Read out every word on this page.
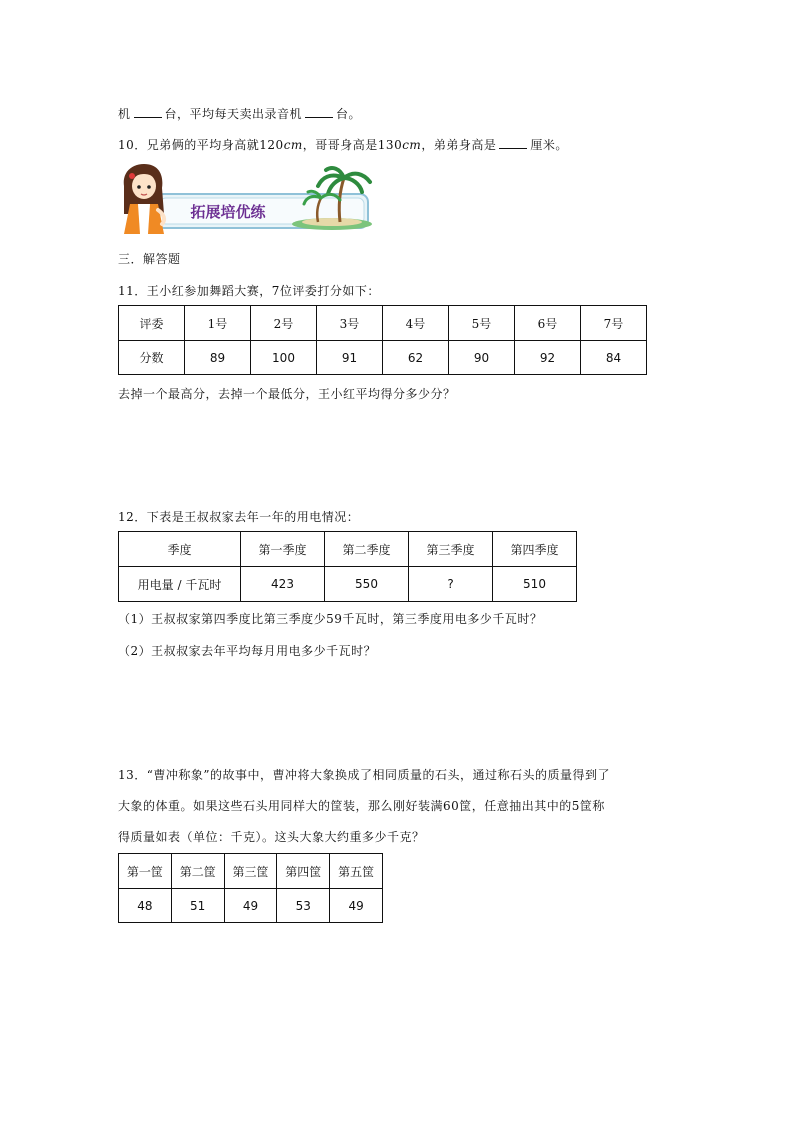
机	台，平均每天卖出录音机	台。
10．兄弟俩的平均身高就120cm，哥哥身高是130cm，弟弟身高是	厘米。
拓展培优练
三．解答题
11．王小红参加舞蹈大赛，7位评委打分如下：
评委	1号	2号	3号	4号	5号	6号	7号
分数	89	100	91	62	90	92	84
去掉一个最高分，去掉一个最低分，王小红平均得分多少分？
12．下表是王叔叔家去年一年的用电情况：
季度	第一季度	第二季度	第三季度	第四季度
用电量 / 千瓦时	423	550	?	510
（1）王叔叔家第四季度比第三季度少59千瓦时，第三季度用电多少千瓦时？
（2）王叔叔家去年平均每月用电多少千瓦时？
13．“曹冲称象”的故事中，曹冲将大象换成了相同质量的石头，通过称石头的质量得到了
大象的体重。如果这些石头用同样大的筐装，那么刚好装满60筐，任意抽出其中的5筐称
得质量如表（单位：千克）。这头大象大约重多少千克？
第一筐	第二筐	第三筐	第四筐	第五筐
48	51	49	53	49
